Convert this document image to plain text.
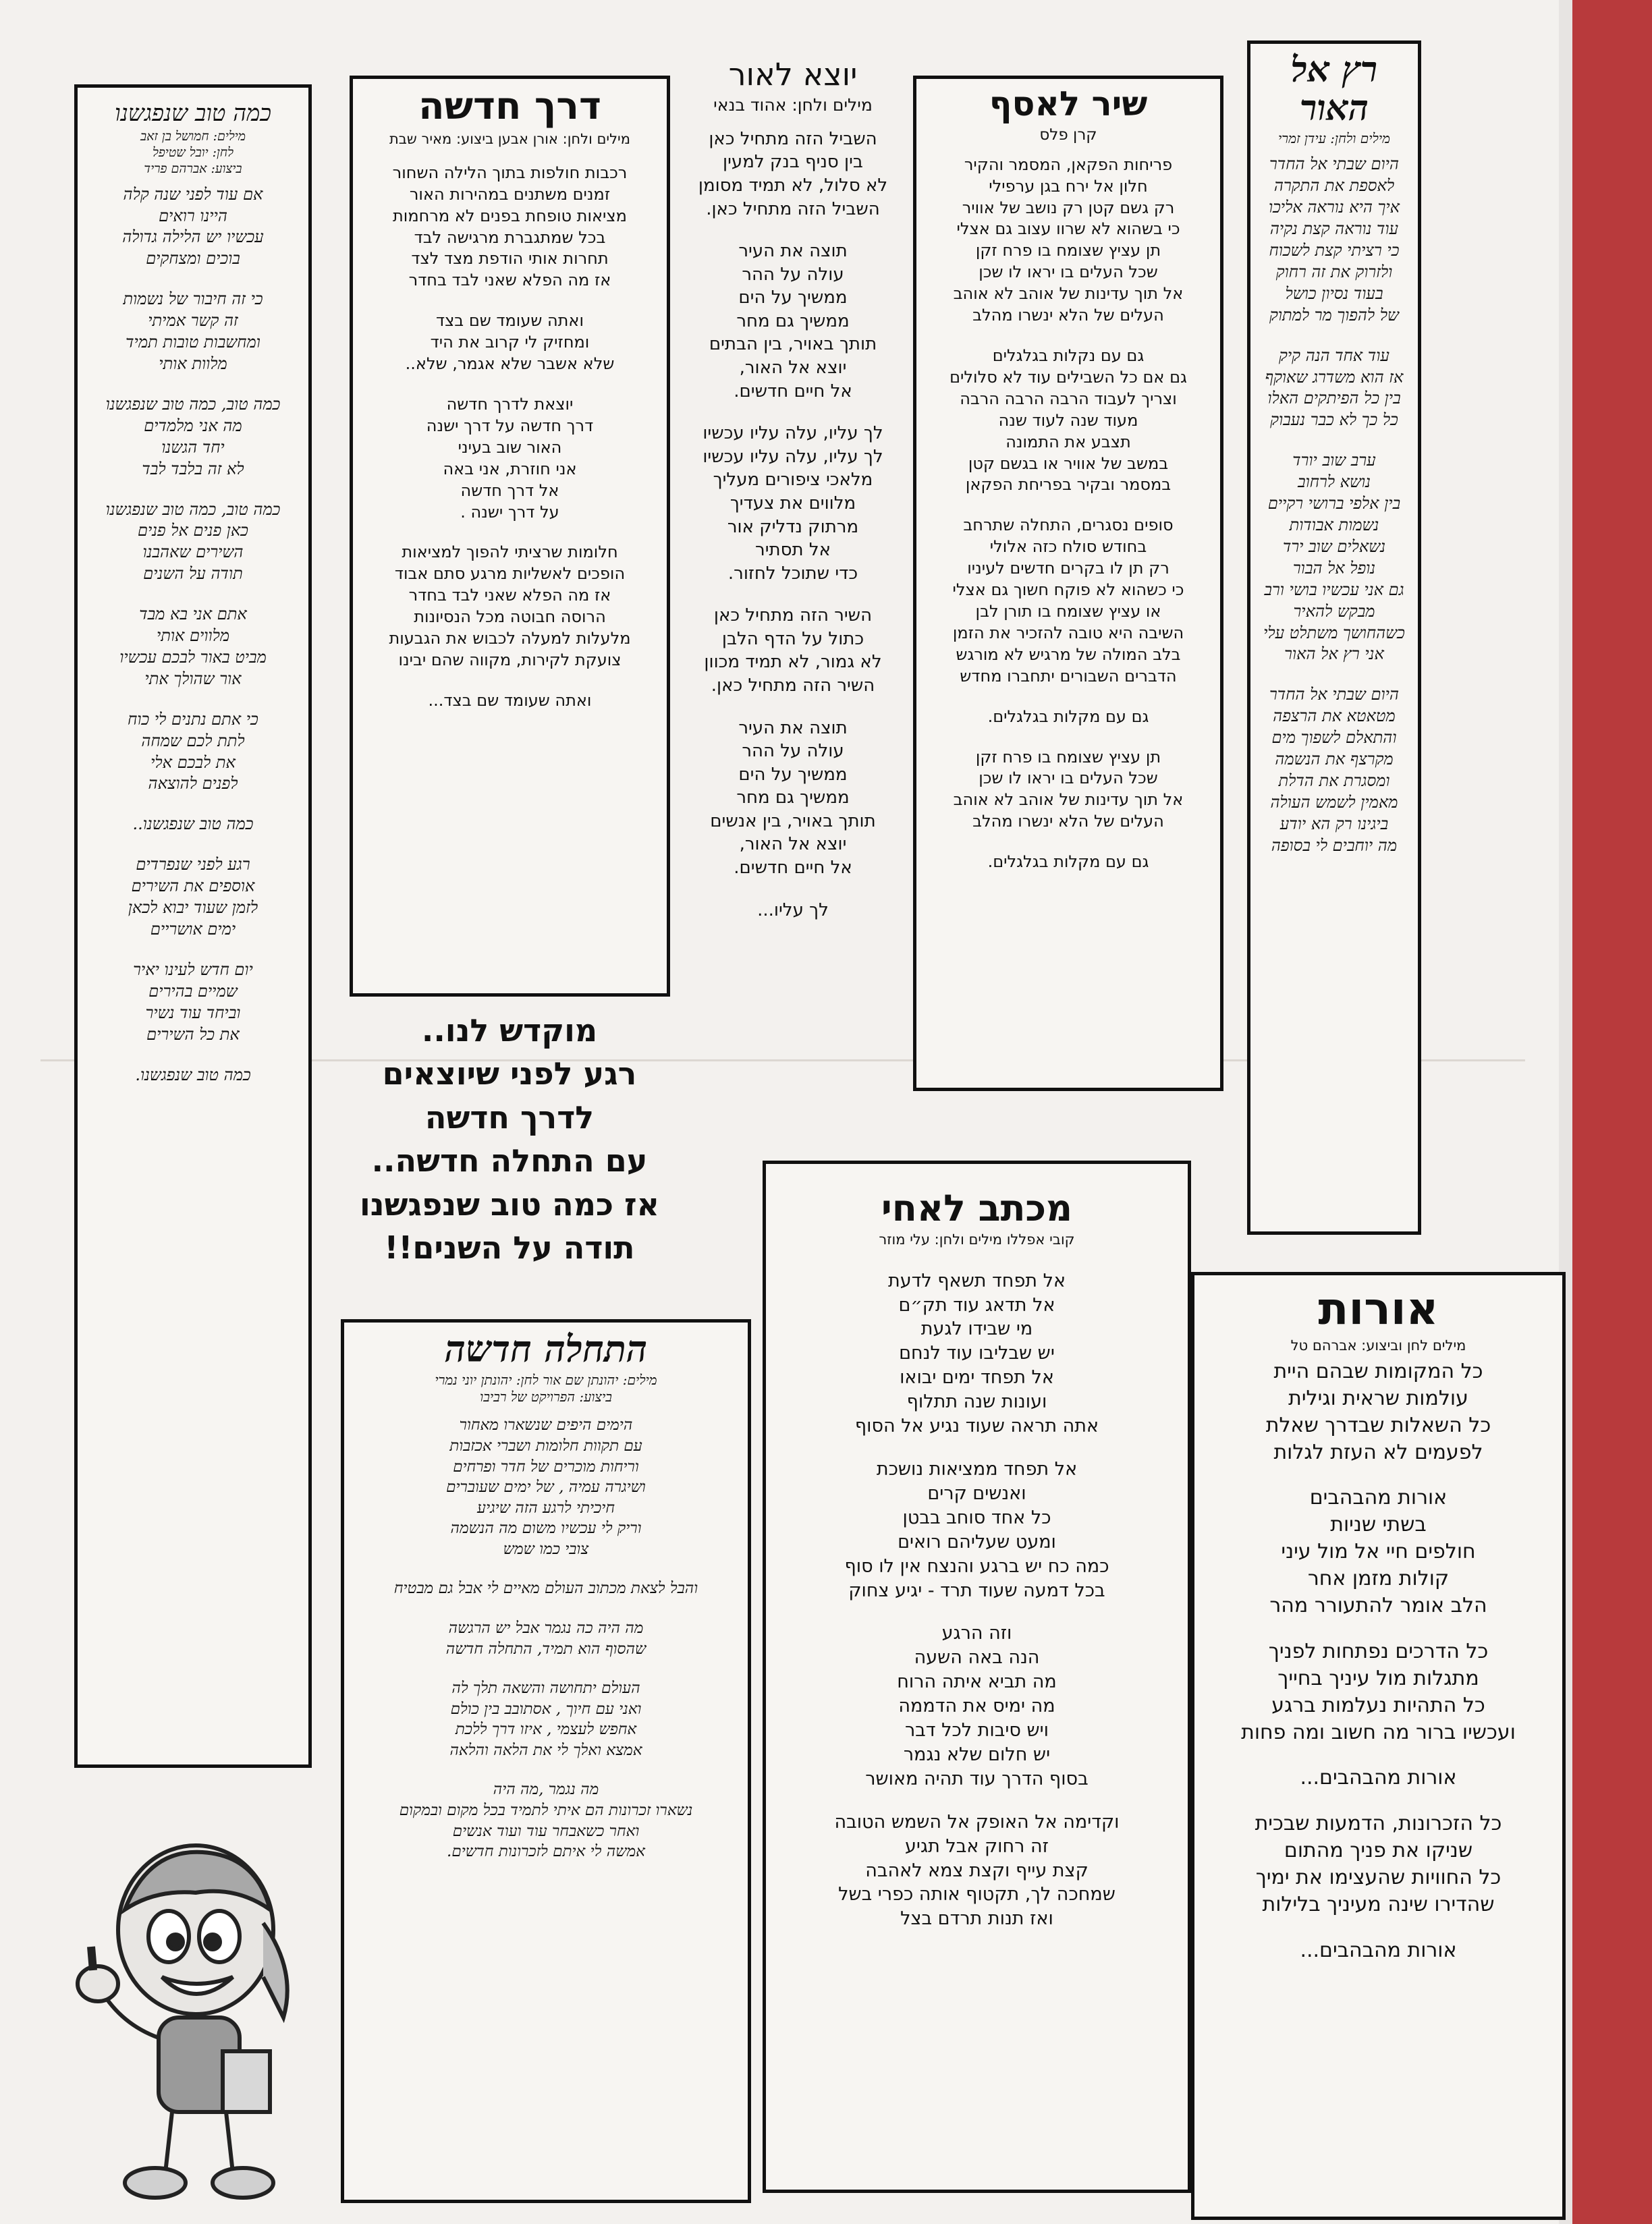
רץ אל האור
מילים ולחן: עידן זמרי
היום שבתי אל החדר
לאספת את התקרה
איך היא נוראה אליכו
עוד נוראה קצת נקיה
כי רציתי קצת לשכוח
ולזרוק את זה רחוק
בעוד נסיון כושל
של להפוך מר למתוק
עוד אחד הנה קיק
אז הוא משדרג שאוקף
בין כל הפיתקים האלו
כל כך לא כבר נעבוק
ערב שוב יורד
נושא לרחוב
בין אלפי ברושי רקיים
נשמות אבודות
נשאלים שוב ירד
נופל אל הבור
גם אני עכשיו בושי ורב
מבקש להאיר
כשהחושך משתלט עלי
אני רץ אל האור
היום שבתי אל החדר
מטאטא את הרצפה
והתאלם לשפוך מים
מקרצף את הנשמה
ומסגרת את הדלת
מאמין לשמש העולה
ביגינו רק הא יודע
מה יוחבים לי בסופה
שיר לאסף
קרן פלס
פריחות הפקאן, המסמר והקיר
חלון אל ירח בגן ערפילי
רק גשם קטן רק נושב של אוויר
כי בשהוא לא שרוו עצוב גם אצלי
תן עציץ שצומח בו פרח זקן
שכל העלים בו יראו לו שכן
אל תוך עדינות של אוהב לא אוהב
העלים של הלא ינשרו מהלב
גם עם נקלות בגלגלים
גם אם כל השבילים עוד לא סלולים
וצריך לעבוד הרבה הרבה הרבה
מעוד שנה לעוד שנה
תצבע את התמונה
במשב של אוויר או בגשם קטן
במסמר ובקיר בפריחת הפקאן
סופים נסגרים, התחלה שתרחב
בחודש סולח כזה אלולי
רק תן לו בקרים חדשים לעיניו
כי כשהוא לא פוקח חשוך גם אצלי
או עציץ שצומח בו תורן לבן
השיבה היא טובה להזכיר את הזמן
בלב המולה של מרגיש לא מורגש
הדברים השבורים יתחברו מחדש
גם עם מקלות בגלגלים.
תן עציץ שצומח בו פרח זקן
שכל העלים בו יראו לו שכן
אל תוך עדינות של אוהב לא אוהב
העלים של הלא ינשרו מהלב
גם עם מקלות בגלגלים.
יוצא לאור
מילים ולחן: אהוד בנאי
השביל הזה מתחיל כאן
בין סניף בנק למעין
לא סלול, לא תמיד מסומן
השביל הזה מתחיל כאן.
תוצה את העיר
עולה על ההר
ממשיך על הים
ממשיך גם מחר
תותך באויר, בין הבתים
יוצא אל האור,
אל חיים חדשים.
לך עליו, עלה עליו עכשיו
לך עליו, עלה עליו עכשיו
מלאכי ציפורים מעליך
מלווים את צעדיך
מרתוק נדליק אור
אל תסתיר
כדי שתוכל לחזור.
השיר הזה מתחיל כאן
כתול על הדף הלבן
לא גמור, לא תמיד מכוון
השיר הזה מתחיל כאן.
תוצה את העיר
עולה על ההר
ממשיך על הים
ממשיך גם מחר
תותך באויר, בין אנשים
יוצא אל האור,
אל חיים חדשים.
לך עליו...
דרך חדשה
מילים ולחן: אורן אבען ביצוע: מאיר שבת
רכבות חולפות בתוך הלילה השחור
זמנים משתנים במהירות האור
מציאות טופחת בפנים לא מרחמות
בכל שמתגברת מרגישה לבד
תחרות אותי הודפת מצד לצד
אז מה הפלא שאני לבד בחדר
ואתה שעומד שם בצד
ומחזיק לי קרוב את היד
שלא אשבר שלא אגמר, שלא..
יוצאת לדרך חדשה
דרך חדשה על דרך ישנה
האור שוב בעיני
אני חוזרת, אני באה
אל דרך חדשה
על דרך ישנה .
חלומות שרציתי להפוך למציאות
הופכים לאשליות מרגע סתם אבוד
אז מה הפלא שאני לבד בחדר
הרוסה חבוטה מכל הנסיונות
מלעלות למעלה לכבוש את הגבעות
צועקת לקירות, מקווה שהם יבינו
ואתה שעומד שם בצד...
מוקדש לנו..
רגע לפני שיוצאים
לדרך חדשה
עם התחלה חדשה..
אז כמה טוב שנפגשנו
תודה על השנים!!
כמה טוב שנפגשנו
מילים: חמושל בן זאב
לחן: יובל שטיפל
ביצוע: אברהם פריד
אם עוד לפני שנה קלה
היינו רואים
עכשיו יש הלילה גדולה
בוכים ומצחקים
כי זה חיבור של נשמות
זה קשר אמיתי
ומחשבות טובות תמיד
מלוות אותי
כמה טוב, כמה טוב שנפגשנו
מה אני מלמדים
יחד הגשנו
לא זה בלבד לבד
כמה טוב, כמה טוב שנפגשנו
כאן פנים אל פנים
השירים שאהבנו
תודה על השנים
אתם אני בא מבד
מלווים אותי
מביט באור לבכם עכשיו
אור שהולך אתי
כי אתם נתנים לי כוח
לתת לכם שמחה
את לבכם אלי
לפנים להוצאה
כמה טוב שנפגשנו..
רגע לפני שנפרדים
אוספים את השירים
לזמן שעוד יבוא לכאן
ימים אושריים
יום חדש לעינו יאיר
שמיים בהירים
וביחד עוד נשיר
את כל השירים
כמה טוב שנפגשנו.
התחלה חדשה
מילים: יהונתן שם אור לחן: יהונתן יוני נמרי
ביצוע: הפרויקט של רביבו
הימים היפים שנשארו מאחור
עם תקוות חלומות ושברי אכזבות
וריחות מוכרים של חדר ופרחים
ושיגרה עמיה , של ימים שעוברים
חיכיתי לרגע הזה שיגיע
וריק לי עכשיו משום מה הנשמה
צובי כמו שמש
והבל לצאת מכתוב העולם מאיים לי אבל גם מבטיח
מה היה כה נגמר אבל יש הרגשה
שהסוף הוא תמיד, התחלה חדשה
העולם יתחושה והשאה תלך לה
ואני עם חיוך , אסתובב בין כולם
אחפש לעצמי , איזו דרך ללכת
אמצא ואלך לי את הלאה והלאה
מה נגמר ,מה היה
נשארו זכרונות הם איתי לתמיד בכל מקום ובמקום
ואחר כשאבחר עוד ועוד אנשים
אמשה לי איתם לזכרונות חדשים.
מכתב לאחי
קובי אפללו מילים ולחן: עלי מוזר
אל תפחד תשאף לדעת
אל תדאג עוד תק״ם
מי שבידו לגעת
יש שבליבו עוד לנחם
אל תפחד ימים יבואו
ועונות שנה תתלוף
אתה תראה שעוד נגיע אל הסוף
אל תפחד ממציאות נושכת
ואנשים קרים
כל אחד סוחב בבטן
ומעט שעליהם רואים
כמה כח יש ברגע והנצח אין לו סוף
בכל דמעה שעוד תרד - יגיע צחוק
וזה הרגע
הנה באה השעה
מה תביא איתה הרוח
מה ימיס את הדממה
ויש סיבות לכל דבר
יש חלום שלא נגמר
בסוף הדרך עוד תהיה מאושר
וקדימה אל האופק אל השמש הטובה
זה רחוק אבל תגיע
קצת עייף וקצת צמא לאהבה
שמחכה לך, תקטוף אותה כפרי בשל
ואז תנות תרדם בצל
אורות
מילים לחן וביצוע: אברהם טל
כל המקומות שבהם היית
עולמות שראית וגילית
כל השאלות שבדרך שאלת
לפעמים לא העזת לגלות
אורות מהבהבים
בשתי שניות
חולפים חיי אל מול עיני
קולות מזמן אחר
הלב אומר להתעורר מהר
כל הדרכים נפתחות לפניך
מתגלות מול עיניך בחייך
כל התהיות נעלמות ברגע
ועכשיו ברור מה חשוב ומה פחות
אורות מהבהבים...
כל הזכרונות, הדמעות שבכית
שניקו את פניך מהתום
כל החוויות שהעצימו את ימיך
שהדירו שינה מעיניך בלילות
אורות מהבהבים...
